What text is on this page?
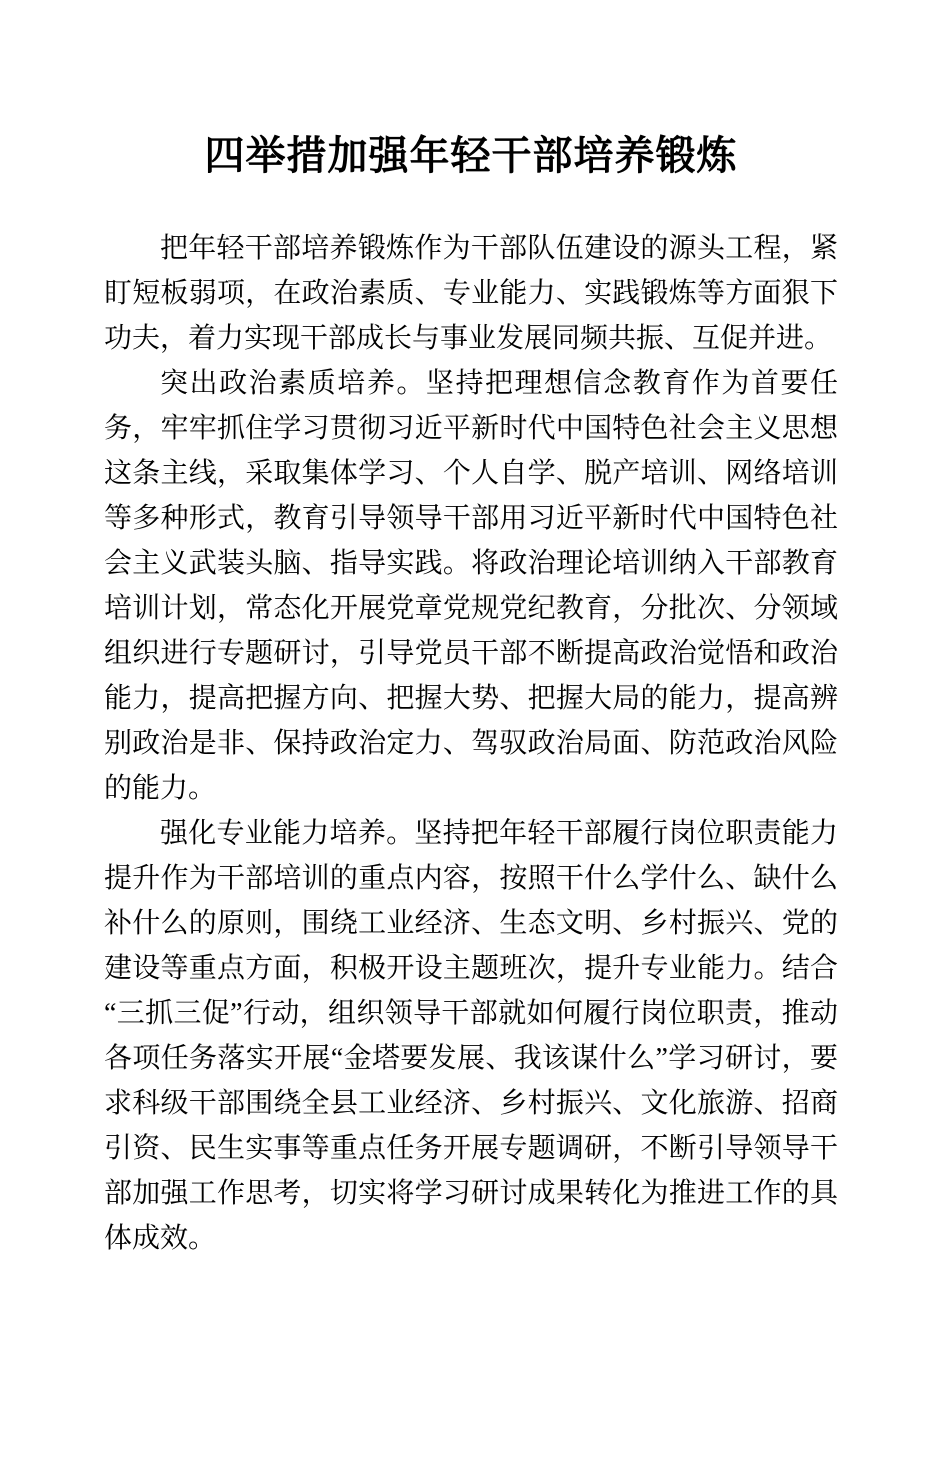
四举措加强年轻干部培养锻炼

把年轻干部培养锻炼作为干部队伍建设的源头工程，紧盯短板弱项，在政治素质、专业能力、实践锻炼等方面狠下功夫，着力实现干部成长与事业发展同频共振、互促并进。

突出政治素质培养。坚持把理想信念教育作为首要任务，牢牢抓住学习贯彻习近平新时代中国特色社会主义思想这条主线，采取集体学习、个人自学、脱产培训、网络培训等多种形式，教育引导领导干部用习近平新时代中国特色社会主义武装头脑、指导实践。将政治理论培训纳入干部教育培训计划，常态化开展党章党规党纪教育，分批次、分领域组织进行专题研讨，引导党员干部不断提高政治觉悟和政治能力，提高把握方向、把握大势、把握大局的能力，提高辨别政治是非、保持政治定力、驾驭政治局面、防范政治风险的能力。

强化专业能力培养。坚持把年轻干部履行岗位职责能力提升作为干部培训的重点内容，按照干什么学什么、缺什么补什么的原则，围绕工业经济、生态文明、乡村振兴、党的建设等重点方面，积极开设主题班次，提升专业能力。结合“三抓三促”行动，组织领导干部就如何履行岗位职责，推动各项任务落实开展“金塔要发展、我该谋什么”学习研讨，要求科级干部围绕全县工业经济、乡村振兴、文化旅游、招商引资、民生实事等重点任务开展专题调研，不断引导领导干部加强工作思考，切实将学习研讨成果转化为推进工作的具体成效。
